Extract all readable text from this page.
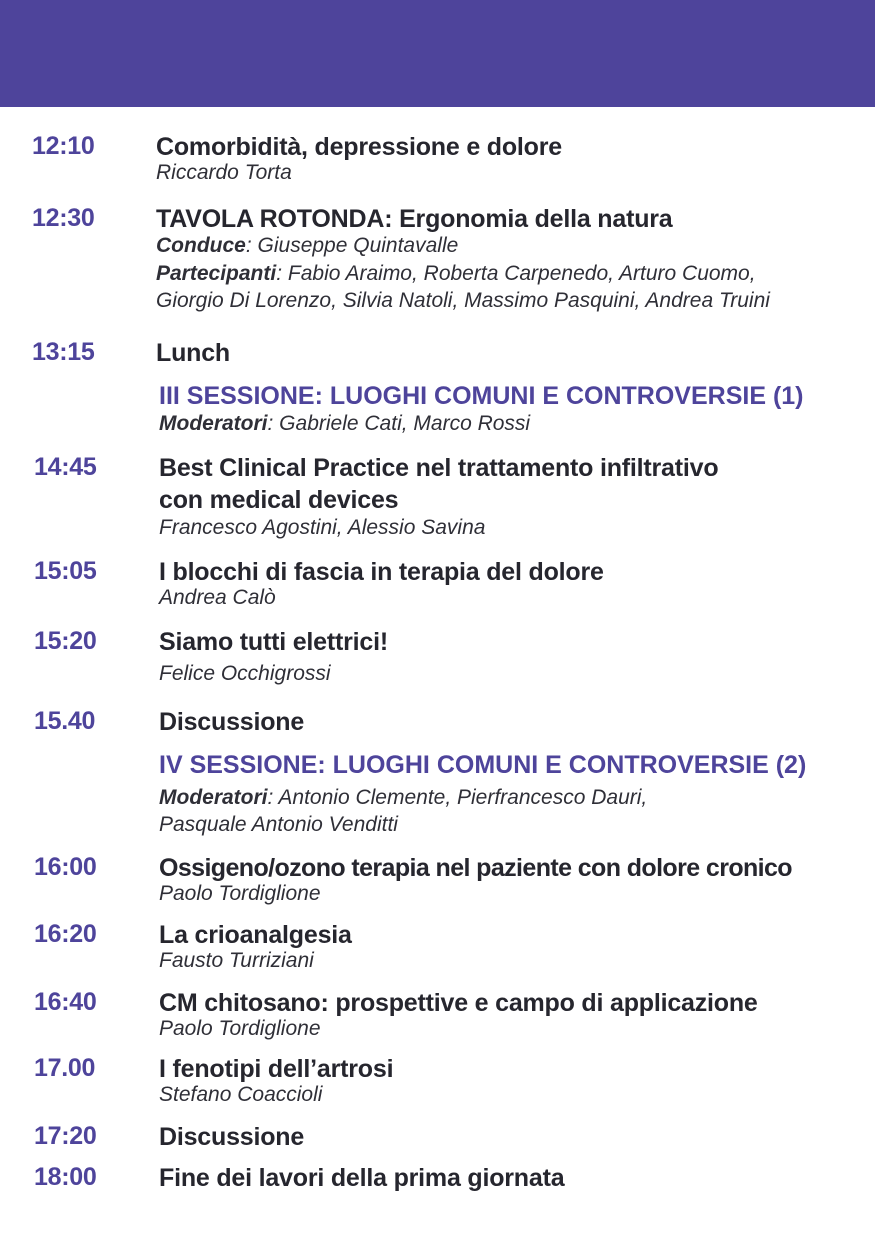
12:10 Comorbidità, depressione e dolore
Riccardo Torta
12:30 TAVOLA ROTONDA: Ergonomia della natura
Conduce: Giuseppe Quintavalle
Partecipanti: Fabio Araimo, Roberta Carpenedo, Arturo Cuomo,
Giorgio Di Lorenzo, Silvia Natoli, Massimo Pasquini, Andrea Truini
13:15 Lunch
III SESSIONE: LUOGHI COMUNI E CONTROVERSIE (1)
Moderatori: Gabriele Cati, Marco Rossi
14:45	Best Clinical Practice nel trattamento infiltrativo
con medical devices
Francesco Agostini, Alessio Savina
15:05	I blocchi di fascia in terapia del dolore
Andrea Calò
15:20	Siamo tutti elettrici!
Felice Occhigrossi
15.40	Discussione
IV SESSIONE: LUOGHI COMUNI E CONTROVERSIE (2)
Moderatori: Antonio Clemente, Pierfrancesco Dauri,
Pasquale Antonio Venditti
16:00	Ossigeno/ozono terapia nel paziente con dolore cronico
Paolo Tordiglione
16:20	La crioanalgesia
Fausto Turriziani
16:40	CM chitosano: prospettive e campo di applicazione
Paolo Tordiglione
17.00	I fenotipi dell’artrosi
Stefano Coaccioli
17:20	Discussione
18:00	Fine dei lavori della prima giornata
